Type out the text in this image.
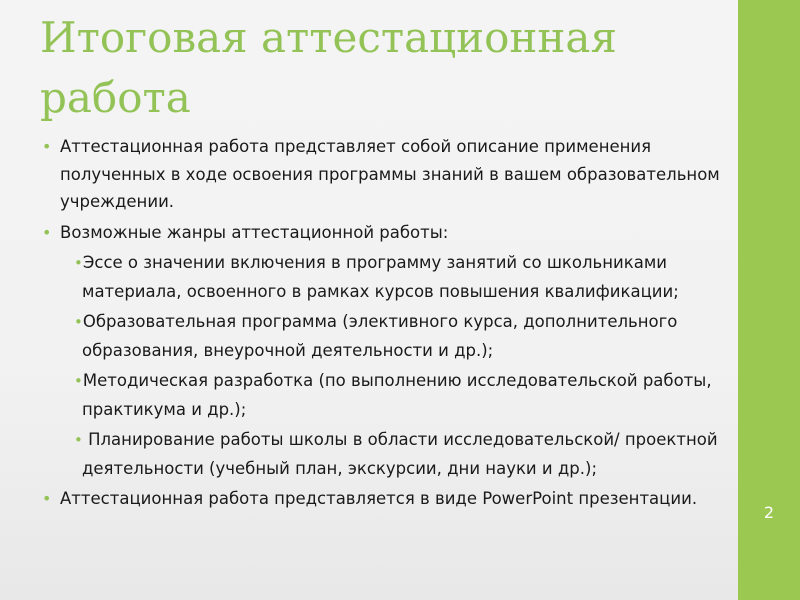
2
Итоговая аттестационная работа
• Аттестационная работа представляет собой описание применения полученных в ходе освоения программы знаний в вашем образовательном учреждении.
• Возможные жанры аттестационной работы:
•Эссе о значении включения в программу занятий со школьниками материала, освоенного в рамках курсов повышения квалификации;
•Образовательная программа (элективного курса, дополнительного образования, внеурочной деятельности и др.);
•Методическая разработка (по выполнению исследовательской работы, практикума и др.);
• Планирование работы школы в области исследовательской/ проектной деятельности (учебный план, экскурсии, дни науки и др.);
• Аттестационная работа представляется в виде PowerPoint презентации.
